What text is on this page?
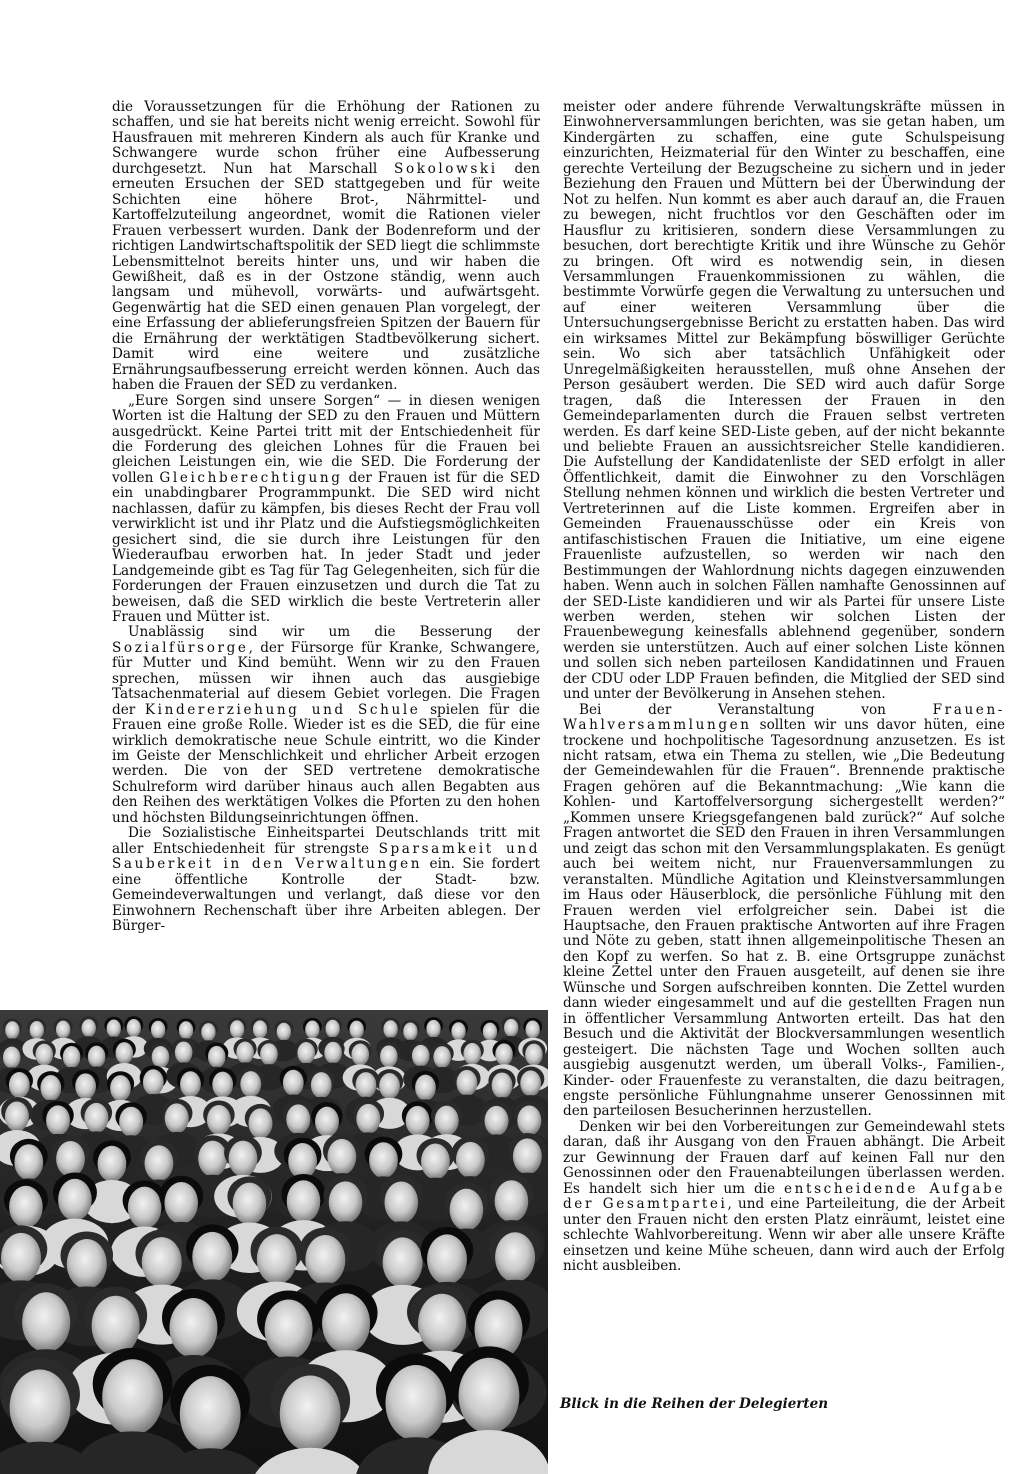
die Voraussetzungen für die Erhöhung der Rationen zu schaffen, und sie hat bereits nicht wenig erreicht. Sowohl für Hausfrauen mit mehreren Kindern als auch für Kranke und Schwangere wurde schon früher eine Aufbesserung durchgesetzt. Nun hat Marschall Sokolowski den erneuten Ersuchen der SED stattgegeben und für weite Schichten eine höhere Brot-, Nährmittel- und Kartoffelzuteilung angeordnet, womit die Rationen vieler Frauen verbessert wurden. Dank der Bodenreform und der richtigen Landwirtschaftspolitik der SED liegt die schlimmste Lebensmittelnot bereits hinter uns, und wir haben die Gewißheit, daß es in der Ostzone ständig, wenn auch langsam und mühevoll, vorwärts- und aufwärtsgeht. Gegenwärtig hat die SED einen genauen Plan vorgelegt, der eine Erfassung der ablieferungsfreien Spitzen der Bauern für die Ernährung der werktätigen Stadtbevölkerung sichert. Damit wird eine weitere und zusätzliche Ernährungsaufbesserung erreicht werden können. Auch das haben die Frauen der SED zu verdanken.

„Eure Sorgen sind unsere Sorgen“ — in diesen wenigen Worten ist die Haltung der SED zu den Frauen und Müttern ausgedrückt. Keine Partei tritt mit der Entschiedenheit für die Forderung des gleichen Lohnes für die Frauen bei gleichen Leistungen ein, wie die SED. Die Forderung der vollen Gleichberechtigung der Frauen ist für die SED ein unabdingbarer Programmpunkt. Die SED wird nicht nachlassen, dafür zu kämpfen, bis dieses Recht der Frau voll verwirklicht ist und ihr Platz und die Aufstiegsmöglichkeiten gesichert sind, die sie durch ihre Leistungen für den Wiederaufbau erworben hat. In jeder Stadt und jeder Landgemeinde gibt es Tag für Tag Gelegenheiten, sich für die Forderungen der Frauen einzusetzen und durch die Tat zu beweisen, daß die SED wirklich die beste Vertreterin aller Frauen und Mütter ist.

Unablässig sind wir um die Besserung der Sozialfürsorge, der Fürsorge für Kranke, Schwangere, für Mutter und Kind bemüht. Wenn wir zu den Frauen sprechen, müssen wir ihnen auch das ausgiebige Tatsachenmaterial auf diesem Gebiet vorlegen. Die Fragen der Kindererziehung und Schule spielen für die Frauen eine große Rolle. Wieder ist es die SED, die für eine wirklich demokratische neue Schule eintritt, wo die Kinder im Geiste der Menschlichkeit und ehrlicher Arbeit erzogen werden. Die von der SED vertretene demokratische Schulreform wird darüber hinaus auch allen Begabten aus den Reihen des werktätigen Volkes die Pforten zu den hohen und höchsten Bildungseinrichtungen öffnen.

Die Sozialistische Einheitspartei Deutschlands tritt mit aller Entschiedenheit für strengste Sparsamkeit und Sauberkeit in den Verwaltungen ein. Sie fordert eine öffentliche Kontrolle der Stadt- bzw. Gemeindeverwaltungen und verlangt, daß diese vor den Einwohnern Rechenschaft über ihre Arbeiten ablegen. Der Bürger-

meister oder andere führende Verwaltungskräfte müssen in Einwohnerversammlungen berichten, was sie getan haben, um Kindergärten zu schaffen, eine gute Schulspeisung einzurichten, Heizmaterial für den Winter zu beschaffen, eine gerechte Verteilung der Bezugscheine zu sichern und in jeder Beziehung den Frauen und Müttern bei der Überwindung der Not zu helfen. Nun kommt es aber auch darauf an, die Frauen zu bewegen, nicht fruchtlos vor den Geschäften oder im Hausflur zu kritisieren, sondern diese Versammlungen zu besuchen, dort berechtigte Kritik und ihre Wünsche zu Gehör zu bringen. Oft wird es notwendig sein, in diesen Versammlungen Frauenkommissionen zu wählen, die bestimmte Vorwürfe gegen die Verwaltung zu untersuchen und auf einer weiteren Versammlung über die Untersuchungsergebnisse Bericht zu erstatten haben. Das wird ein wirksames Mittel zur Bekämpfung böswilliger Gerüchte sein. Wo sich aber tatsächlich Unfähigkeit oder Unregelmäßigkeiten herausstellen, muß ohne Ansehen der Person gesäubert werden. Die SED wird auch dafür Sorge tragen, daß die Interessen der Frauen in den Gemeindeparlamenten durch die Frauen selbst vertreten werden. Es darf keine SED-Liste geben, auf der nicht bekannte und beliebte Frauen an aussichtsreicher Stelle kandidieren. Die Aufstellung der Kandidatenliste der SED erfolgt in aller Öffentlichkeit, damit die Einwohner zu den Vorschlägen Stellung nehmen können und wirklich die besten Vertreter und Vertreterinnen auf die Liste kommen. Ergreifen aber in Gemeinden Frauenausschüsse oder ein Kreis von antifaschistischen Frauen die Initiative, um eine eigene Frauenliste aufzustellen, so werden wir nach den Bestimmungen der Wahlordnung nichts dagegen einzuwenden haben. Wenn auch in solchen Fällen namhafte Genossinnen auf der SED-Liste kandidieren und wir als Partei für unsere Liste werben werden, stehen wir solchen Listen der Frauenbewegung keinesfalls ablehnend gegenüber, sondern werden sie unterstützen. Auch auf einer solchen Liste können und sollen sich neben parteilosen Kandidatinnen und Frauen der CDU oder LDP Frauen befinden, die Mitglied der SED sind und unter der Bevölkerung in Ansehen stehen.

Bei der Veranstaltung von Frauen-Wahlversammlungen sollten wir uns davor hüten, eine trockene und hochpolitische Tagesordnung anzusetzen. Es ist nicht ratsam, etwa ein Thema zu stellen, wie „Die Bedeutung der Gemeindewahlen für die Frauen“. Brennende praktische Fragen gehören auf die Bekanntmachung: „Wie kann die Kohlen- und Kartoffelversorgung sichergestellt werden?“ „Kommen unsere Kriegsgefangenen bald zurück?“ Auf solche Fragen antwortet die SED den Frauen in ihren Versammlungen und zeigt das schon mit den Versammlungsplakaten. Es genügt auch bei weitem nicht, nur Frauenversammlungen zu veranstalten. Mündliche Agitation und Kleinstversammlungen im Haus oder Häuserblock, die persönliche Fühlung mit den Frauen werden viel erfolgreicher sein. Dabei ist die Hauptsache, den Frauen praktische Antworten auf ihre Fragen und Nöte zu geben, statt ihnen allgemeinpolitische Thesen an den Kopf zu werfen. So hat z. B. eine Ortsgruppe zunächst kleine Zettel unter den Frauen ausgeteilt, auf denen sie ihre Wünsche und Sorgen aufschreiben konnten. Die Zettel wurden dann wieder eingesammelt und auf die gestellten Fragen nun in öffentlicher Versammlung Antworten erteilt. Das hat den Besuch und die Aktivität der Blockversammlungen wesentlich gesteigert. Die nächsten Tage und Wochen sollten auch ausgiebig ausgenutzt werden, um überall Volks-, Familien-, Kinder- oder Frauenfeste zu veranstalten, die dazu beitragen, engste persönliche Fühlungnahme unserer Genossinnen mit den parteilosen Besucherinnen herzustellen.

Denken wir bei den Vorbereitungen zur Gemeindewahl stets daran, daß ihr Ausgang von den Frauen abhängt. Die Arbeit zur Gewinnung der Frauen darf auf keinen Fall nur den Genossinnen oder den Frauenabteilungen überlassen werden. Es handelt sich hier um die entscheidende Aufgabe der Gesamtpartei, und eine Parteileitung, die der Arbeit unter den Frauen nicht den ersten Platz einräumt, leistet eine schlechte Wahlvorbereitung. Wenn wir aber alle unsere Kräfte einsetzen und keine Mühe scheuen, dann wird auch der Erfolg nicht ausbleiben.

Blick in die Reihen der Delegierten
